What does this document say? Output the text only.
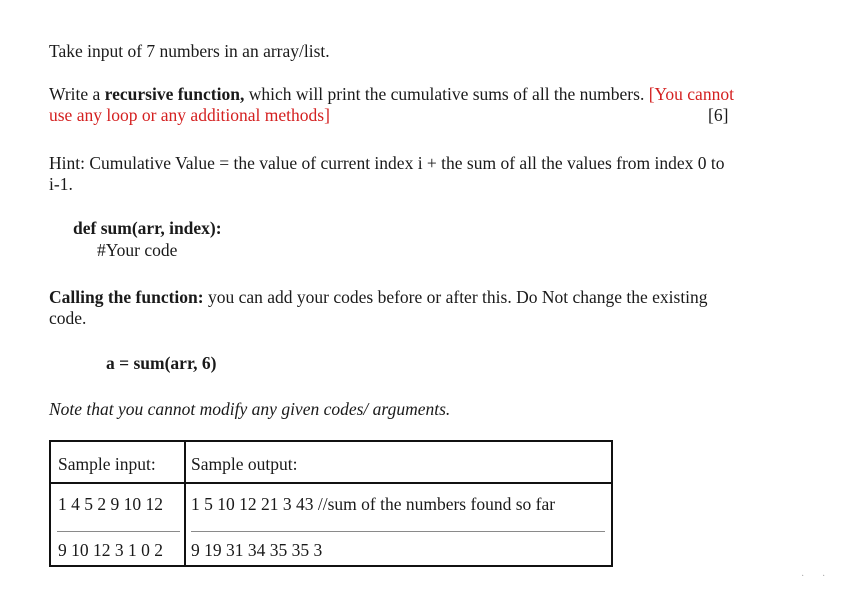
Take input of 7 numbers in an array/list.
Write a recursive function, which will print the cumulative sums of all the numbers. [You cannot
use any loop or any additional methods]	[6]
Hint: Cumulative Value = the value of current index i + the sum of all the values from index 0 to
i-1.
def sum(arr, index):
#Your code
Calling the function: you can add your codes before or after this. Do Not change the existing
code.
a = sum(arr, 6)
Note that you cannot modify any given codes/ arguments.
Sample input: Sample output:
1 4 5 2 9 10 12 1 5 10 12 21 3 43 //sum of the numbers found so far
9 10 12 3 1 0 2 9 19 31 34 35 35 3
· ·
